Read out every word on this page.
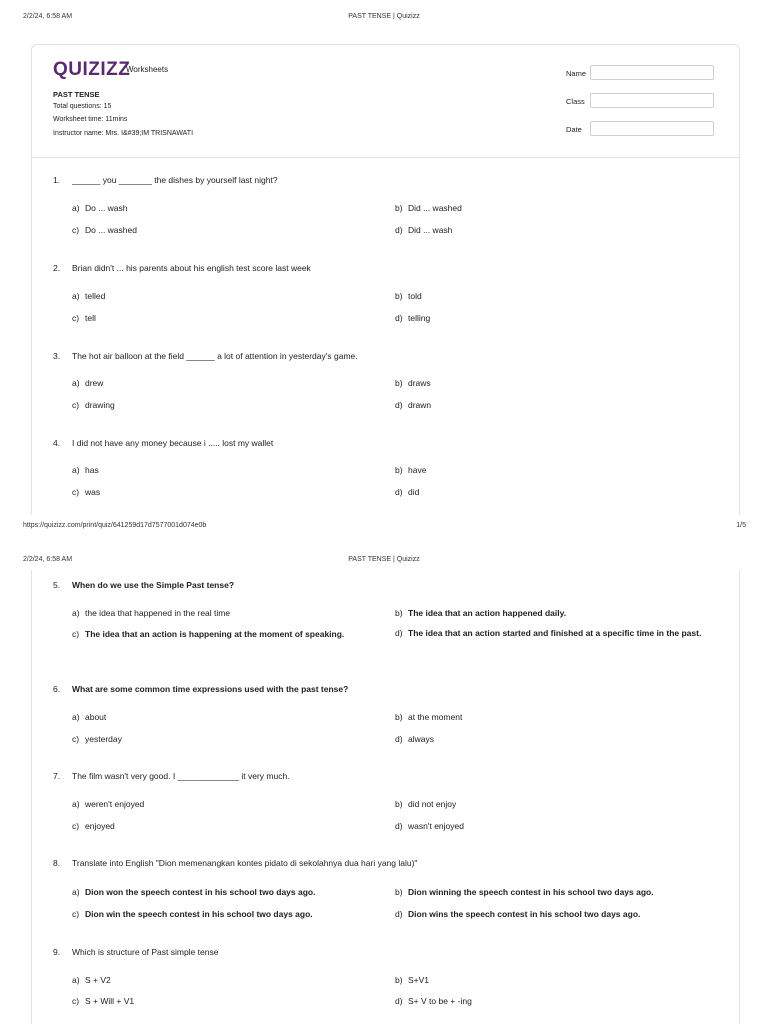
2/2/24, 6:58 AM	PAST TENSE | Quizizz
QUIZIZZ
Worksheets
PAST TENSE
Total questions: 15
Worksheet time: 11mins
Instructor name: Mrs. I&#39;IM TRISNAWATI
Name
Class
Date
1. ______ you _______ the dishes by yourself last night?
a) Do ... wash	b) Did ... washed
c) Do ... washed	d) Did ... wash
2. Brian didn't ... his parents about his english test score last week
a) telled	b) told
c) tell	d) telling
3. The hot air balloon at the field ______ a lot of attention in yesterday's game.
a) drew	b) draws
c) drawing	d) drawn
4. I did not have any money because i ..... lost my wallet
a) has	b) have
c) was	d) did
https://quizizz.com/print/quiz/641259d17d7577001d074e0b	1/5
2/2/24, 6:58 AM	PAST TENSE | Quizizz
5. When do we use the Simple Past tense?
a) the idea that happened in the real time	b) The idea that an action happened daily.
c) The idea that an action is happening at the moment of speaking.	d) The idea that an action started and finished at a specific time in the past.
6. What are some common time expressions used with the past tense?
a) about	b) at the moment
c) yesterday	d) always
7. The film wasn't very good. I _____________ it very much.
a) weren't enjoyed	b) did not enjoy
c) enjoyed	d) wasn't enjoyed
8. Translate into English "Dion memenangkan kontes pidato di sekolahnya dua hari yang lalu)"
a) Dion won the speech contest in his school two days ago.	b) Dion winning the speech contest in his school two days ago.
c) Dion win the speech contest in his school two days ago.	d) Dion wins the speech contest in his school two days ago.
9. Which is structure of Past simple tense
a) S + V2	b) S+V1
c) S + Will + V1	d) S+ V to be + -ing
